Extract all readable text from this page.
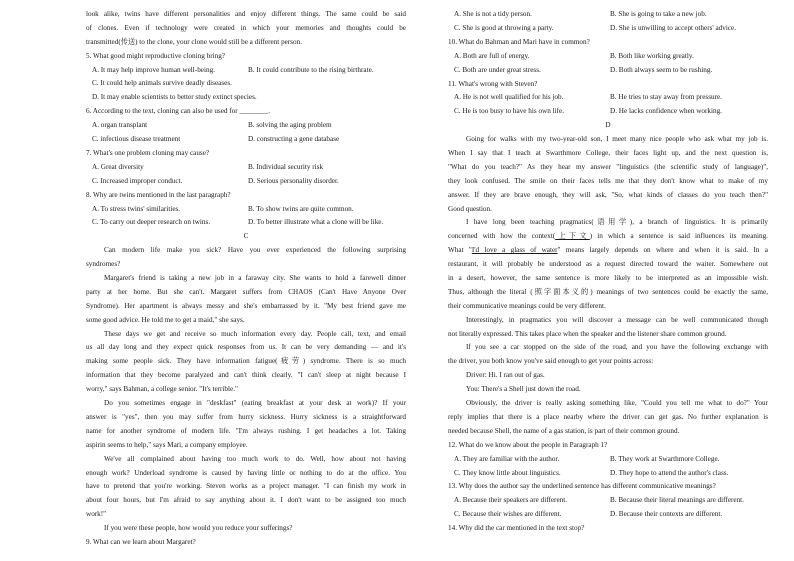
look alike, twins have different personalities and enjoy different things. The same could be said
of clones. Even if technology were created in which your memories and thoughts could be
transmitted(传送) to the clone, your clone would still be a different person.
5. What good might reproductive cloning bring?
A. It may help improve human well-being.	B. It could contribute to the rising birthrate.
C. It could help animals survive deadly diseases.
D. It may enable scientists to better study extinct species.
6. According to the text, cloning can also be used for ________.
A. organ transplant	B. solving the aging problem
C. infectious disease treatment	D. constructing a gene database
7. What's one problem cloning may cause?
A. Great diversity	B. Individual security risk
C. Increased improper conduct.	D. Serious personality disorder.
8. Why are twins mentioned in the last paragraph?
A. To stress twins' similarities.	B. To show twins are quite common.
C. To carry out deeper research on twins.	D. To better illustrate what a clone will be like.
C
Can modern life make you sick? Have you ever experienced the following surprising
syndromes?
Margaret's friend is taking a new job in a faraway city. She wants to hold a farewell dinner
party at her home. But she can't. Margaret suffers from CHAOS (Can't Have Anyone Over
Syndrome). Her apartment is always messy and she's embarrassed by it. "My best friend gave me
some good advice. He told me to get a maid," she says.
These days we get and receive so much information every day. People call, text, and email
us all day long and they expect quick responses from us. It can be very demanding — and it's
making some people sick. They have information fatigue(疲劳) syndrome. There is so much
information that they become paralyzed and can't think clearly. "I can't sleep at night because I
worry," says Bahman, a college senior. "It's terrible."
Do you sometimes engage in "deskfast" (eating breakfast at your desk at work)? If your
answer is "yes", then you may suffer from hurry sickness. Hurry sickness is a straightforward
name for another syndrome of modern life. "I'm always rushing. I get headaches a lot. Taking
aspirin seems to help," says Mari, a company employee.
We've all complained about having too much work to do. Well, how about not having
enough work? Underload syndrome is caused by having little or nothing to do at the office. You
have to pretend that you're working. Steven works as a project manager. "I can finish my work in
about four hours, but I'm afraid to say anything about it. I don't want to be assigned too much
work!"
If you were these people, how would you reduce your sufferings?
9. What can we learn about Margaret?
A. She is not a tidy person.	B. She is going to take a new job.
C. She is good at throwing a party.	D. She is unwilling to accept others' advice.
10. What do Bahman and Mari have in common?
A. Both are full of energy.	B. Both like working greatly.
C. Both are under great stress.	D. Both always seem to be rushing.
11. What's wrong with Steven?
A. He is not well qualified for his job.	B. He tries to stay away from pressure.
C. He is too busy to have his own life.	D. He lacks confidence when working.
D
Going for walks with my two-year-old son, I meet many nice people who ask what my job is.
When I say that I teach at Swarthmore College, their faces light up, and the next question is,
"What do you teach?" As they hear my answer "linguistics (the scientific study of language)",
they look confused. The smile on their faces tells me that they don't know what to make of my
answer. If they are brave enough, they will ask, "So, what kinds of classes do you teach then?"
Good question.
I have long been teaching pragmatics(语用学), a branch of linguistics. It is primarily
concerned with how the context(上下文) in which a sentence is said influences its meaning.
What "I'd love a glass of water" means largely depends on where and when it is said. In a
restaurant, it will probably be understood as a request directed toward the waiter. Somewhere out
in a desert, however, the same sentence is more likely to be interpreted as an impossible wish.
Thus, although the literal (照字面本义的) meanings of two sentences could be exactly the same,
their communicative meanings could be very different.
Interestingly, in pragmatics you will discover a message can be well communicated though
not literally expressed. This takes place when the speaker and the listener share common ground.
If you see a car stopped on the side of the road, and you have the following exchange with
the driver, you both know you've said enough to get your points across:
Driver: Hi. I ran out of gas.
You: There's a Shell just down the road.
Obviously, the driver is really asking something like, "Could you tell me what to do?" Your
reply implies that there is a place nearby where the driver can get gas. No further explanation is
needed because Shell, the name of a gas station, is part of their common ground.
12. What do we know about the people in Paragraph 1?
A. They are familiar with the author.	B. They work at Swarthmore College.
C. They know little about linguistics.	D. They hope to attend the author's class.
13. Why does the author say the underlined sentence has different communicative meanings?
A. Because their speakers are different.	B. Because their literal meanings are different.
C. Because their wishes are different.	D. Because their contexts are different.
14. Why did the car mentioned in the text stop?
